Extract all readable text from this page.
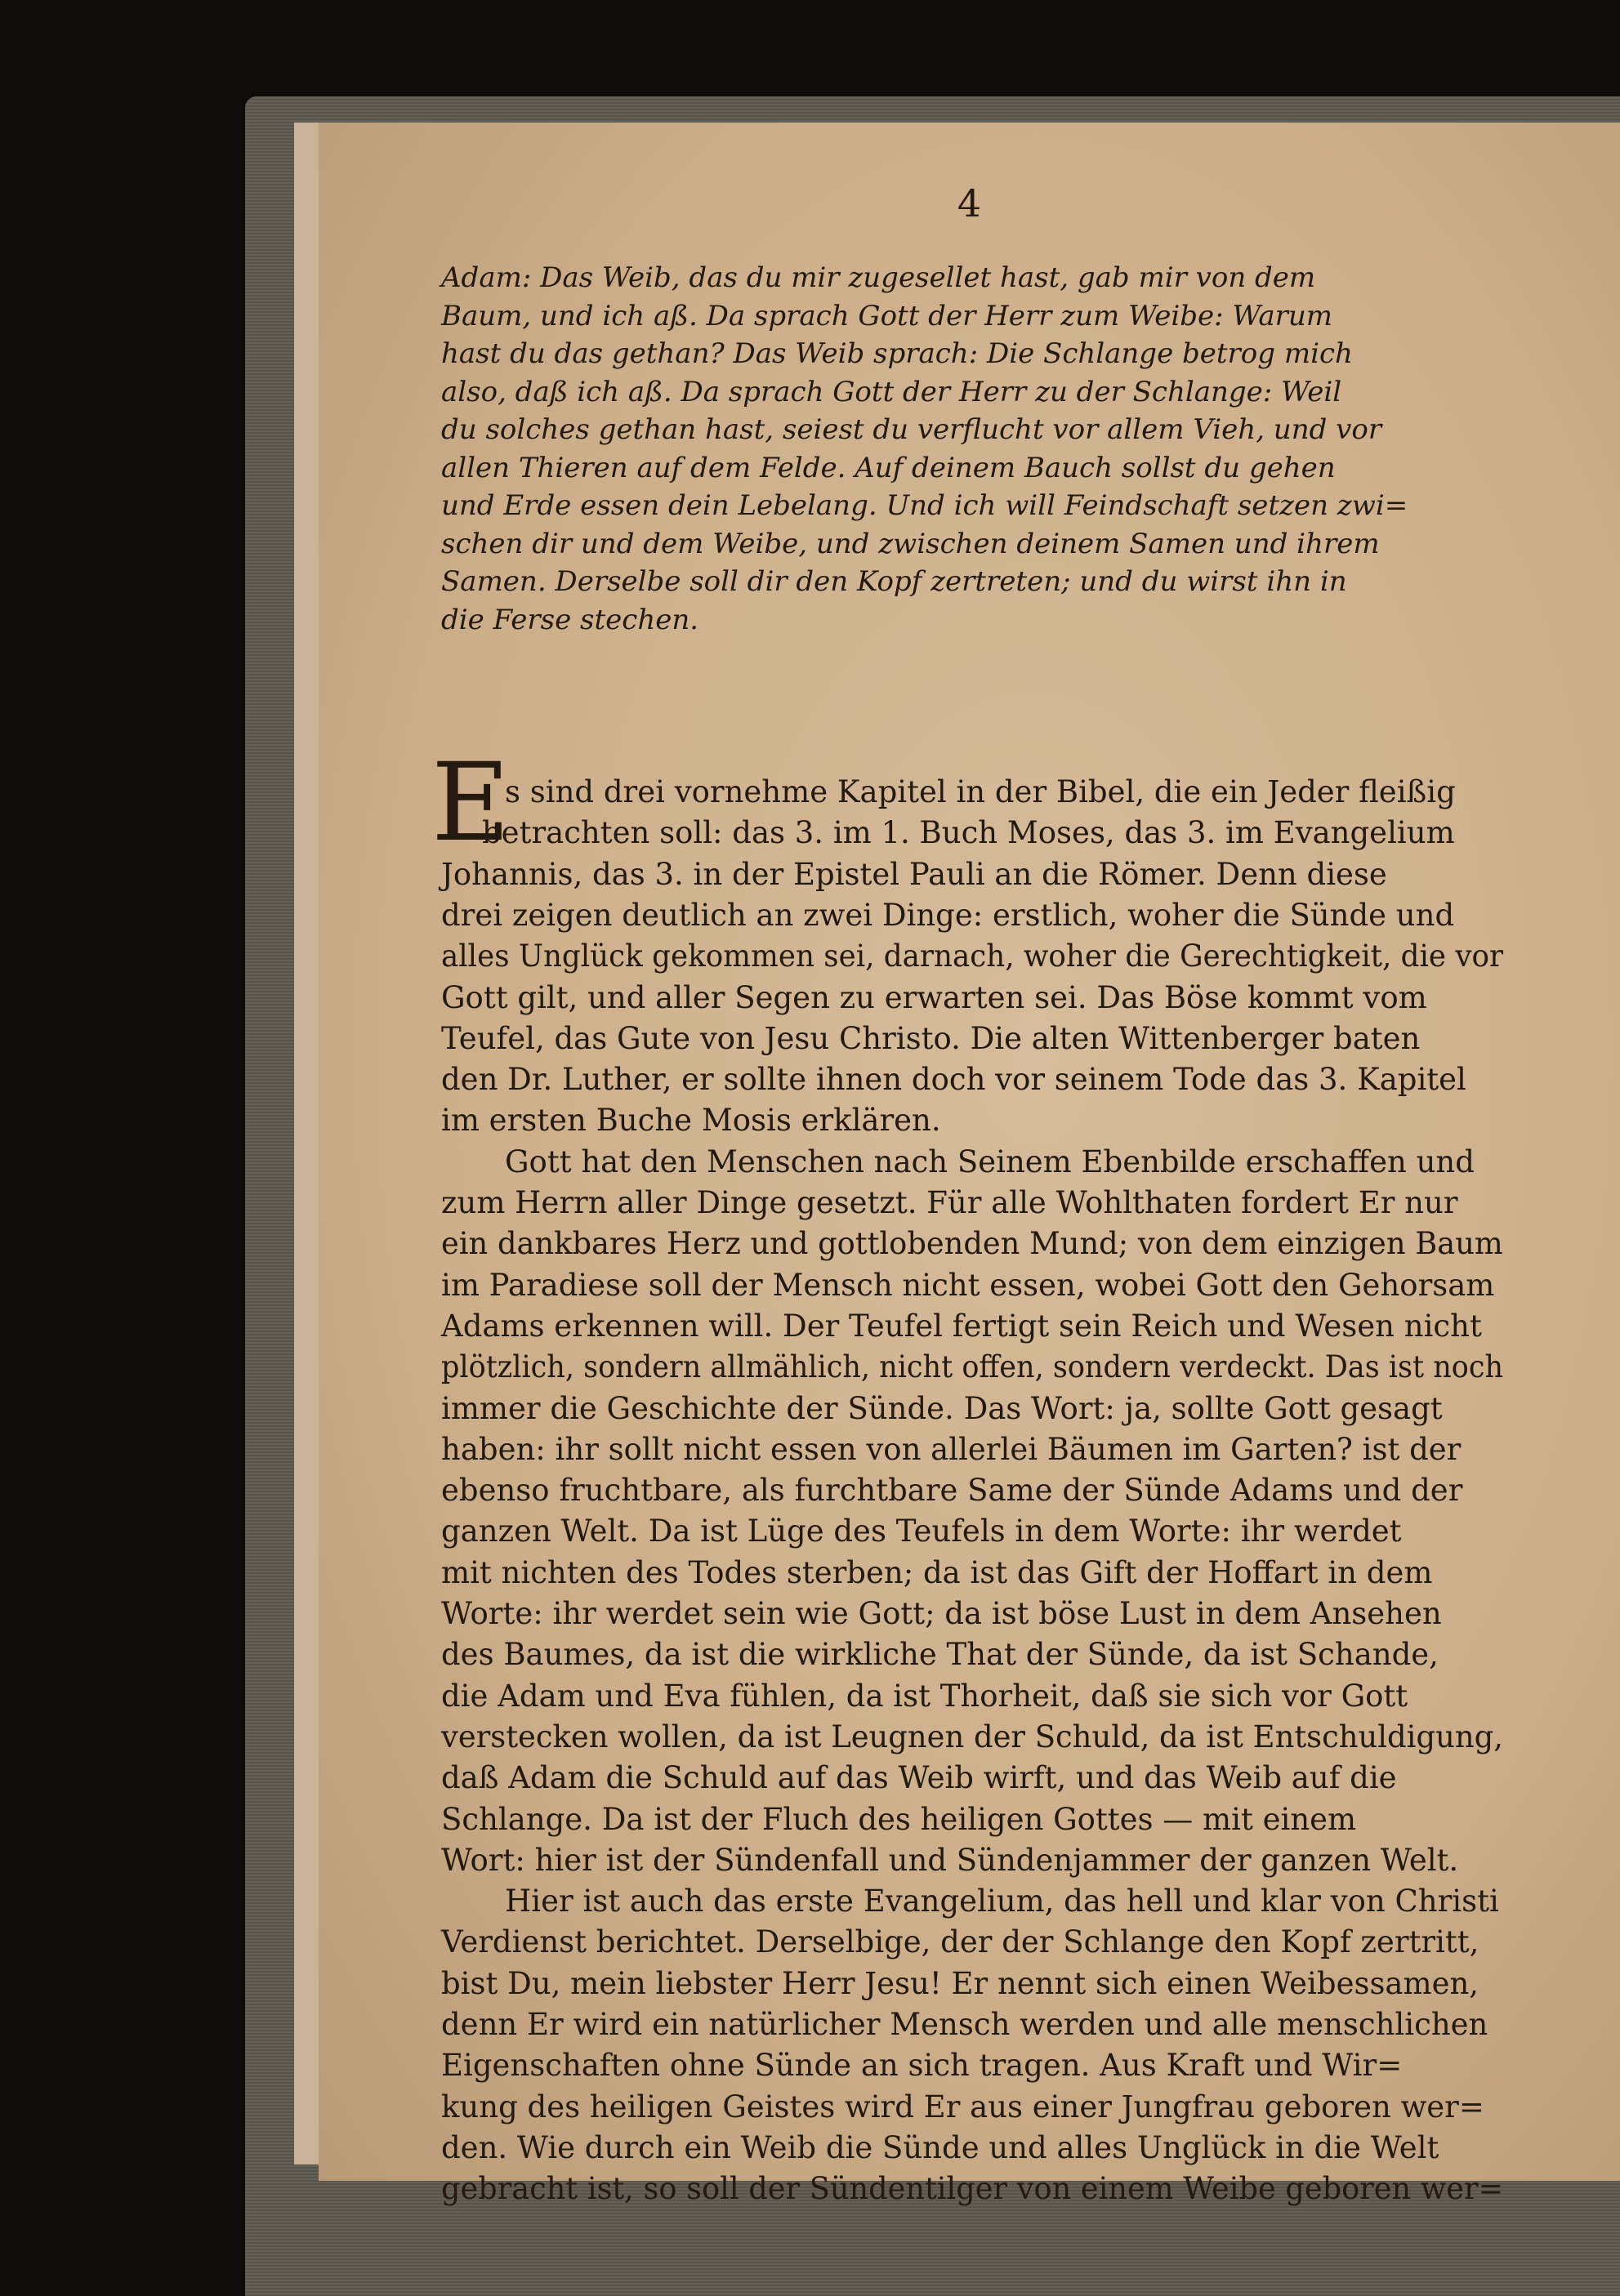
4
Adam: Das Weib, das du mir zugesellet hast, gab mir von dem
Baum, und ich aß. Da sprach Gott der Herr zum Weibe: Warum
hast du das gethan? Das Weib sprach: Die Schlange betrog mich
also, daß ich aß. Da sprach Gott der Herr zu der Schlange: Weil
du solches gethan hast, seiest du verflucht vor allem Vieh, und vor
allen Thieren auf dem Felde. Auf deinem Bauch sollst du gehen
und Erde essen dein Lebelang. Und ich will Feindschaft setzen zwi=
schen dir und dem Weibe, und zwischen deinem Samen und ihrem
Samen. Derselbe soll dir den Kopf zertreten; und du wirst ihn in
die Ferse stechen.
E
s sind drei vornehme Kapitel in der Bibel, die ein Jeder fleißig
betrachten soll: das 3. im 1. Buch Moses, das 3. im Evangelium
Johannis, das 3. in der Epistel Pauli an die Römer. Denn diese
drei zeigen deutlich an zwei Dinge: erstlich, woher die Sünde und
alles Unglück gekommen sei, darnach, woher die Gerechtigkeit, die vor
Gott gilt, und aller Segen zu erwarten sei. Das Böse kommt vom
Teufel, das Gute von Jesu Christo. Die alten Wittenberger baten
den Dr. Luther, er sollte ihnen doch vor seinem Tode das 3. Kapitel
im ersten Buche Mosis erklären.
Gott hat den Menschen nach Seinem Ebenbilde erschaffen und
zum Herrn aller Dinge gesetzt. Für alle Wohlthaten fordert Er nur
ein dankbares Herz und gottlobenden Mund; von dem einzigen Baum
im Paradiese soll der Mensch nicht essen, wobei Gott den Gehorsam
Adams erkennen will. Der Teufel fertigt sein Reich und Wesen nicht
plötzlich, sondern allmählich, nicht offen, sondern verdeckt. Das ist noch
immer die Geschichte der Sünde. Das Wort: ja, sollte Gott gesagt
haben: ihr sollt nicht essen von allerlei Bäumen im Garten? ist der
ebenso fruchtbare, als furchtbare Same der Sünde Adams und der
ganzen Welt. Da ist Lüge des Teufels in dem Worte: ihr werdet
mit nichten des Todes sterben; da ist das Gift der Hoffart in dem
Worte: ihr werdet sein wie Gott; da ist böse Lust in dem Ansehen
des Baumes, da ist die wirkliche That der Sünde, da ist Schande,
die Adam und Eva fühlen, da ist Thorheit, daß sie sich vor Gott
verstecken wollen, da ist Leugnen der Schuld, da ist Entschuldigung,
daß Adam die Schuld auf das Weib wirft, und das Weib auf die
Schlange. Da ist der Fluch des heiligen Gottes — mit einem
Wort: hier ist der Sündenfall und Sündenjammer der ganzen Welt.
Hier ist auch das erste Evangelium, das hell und klar von Christi
Verdienst berichtet. Derselbige, der der Schlange den Kopf zertritt,
bist Du, mein liebster Herr Jesu! Er nennt sich einen Weibessamen,
denn Er wird ein natürlicher Mensch werden und alle menschlichen
Eigenschaften ohne Sünde an sich tragen. Aus Kraft und Wir=
kung des heiligen Geistes wird Er aus einer Jungfrau geboren wer=
den. Wie durch ein Weib die Sünde und alles Unglück in die Welt
gebracht ist, so soll der Sündentilger von einem Weibe geboren wer=
